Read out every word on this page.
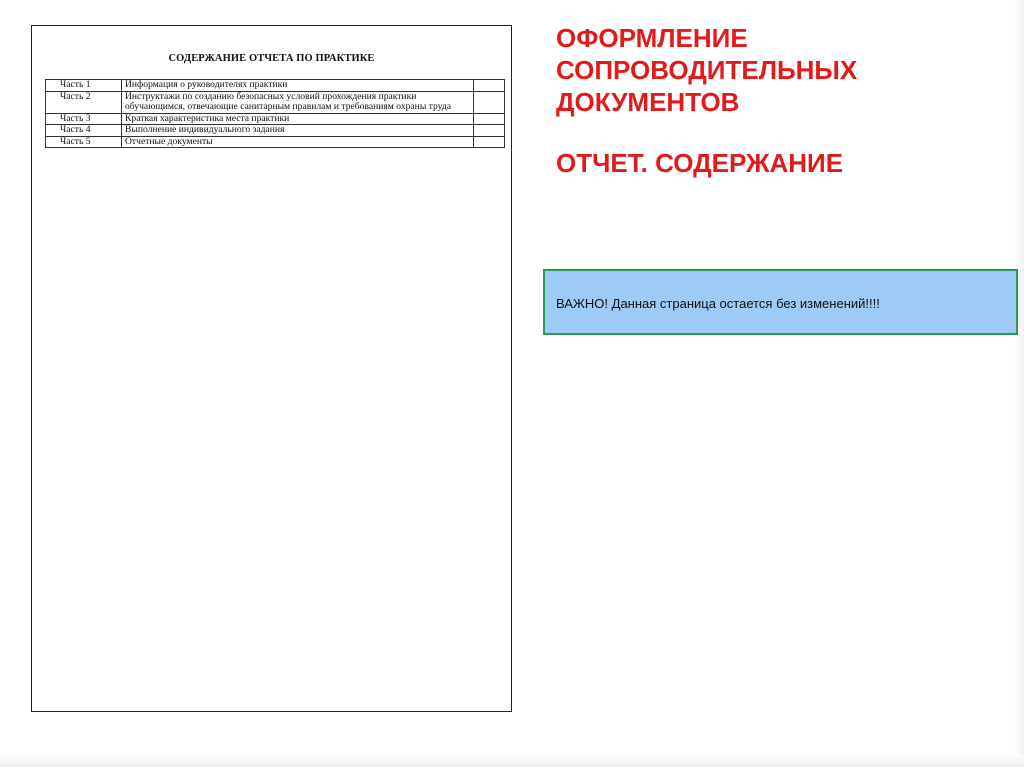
СОДЕРЖАНИЕ ОТЧЕТА ПО ПРАКТИКЕ
Часть 1	Информация о руководителях практики	
Часть 2	Инструктажи по созданию безопасных условий прохождения практики обучающимся, отвечающие санитарным правилам и требованиям охраны труда	
Часть 3	Краткая характеристика места практики	
Часть 4	Выполнение индивидуального задания	
Часть 5	Отчетные документы	
ОФОРМЛЕНИЕ
СОПРОВОДИТЕЛЬНЫХ
ДОКУМЕНТОВ
ОТЧЕТ. СОДЕРЖАНИЕ
ВАЖНО! Данная страница остается без изменений!!!!
